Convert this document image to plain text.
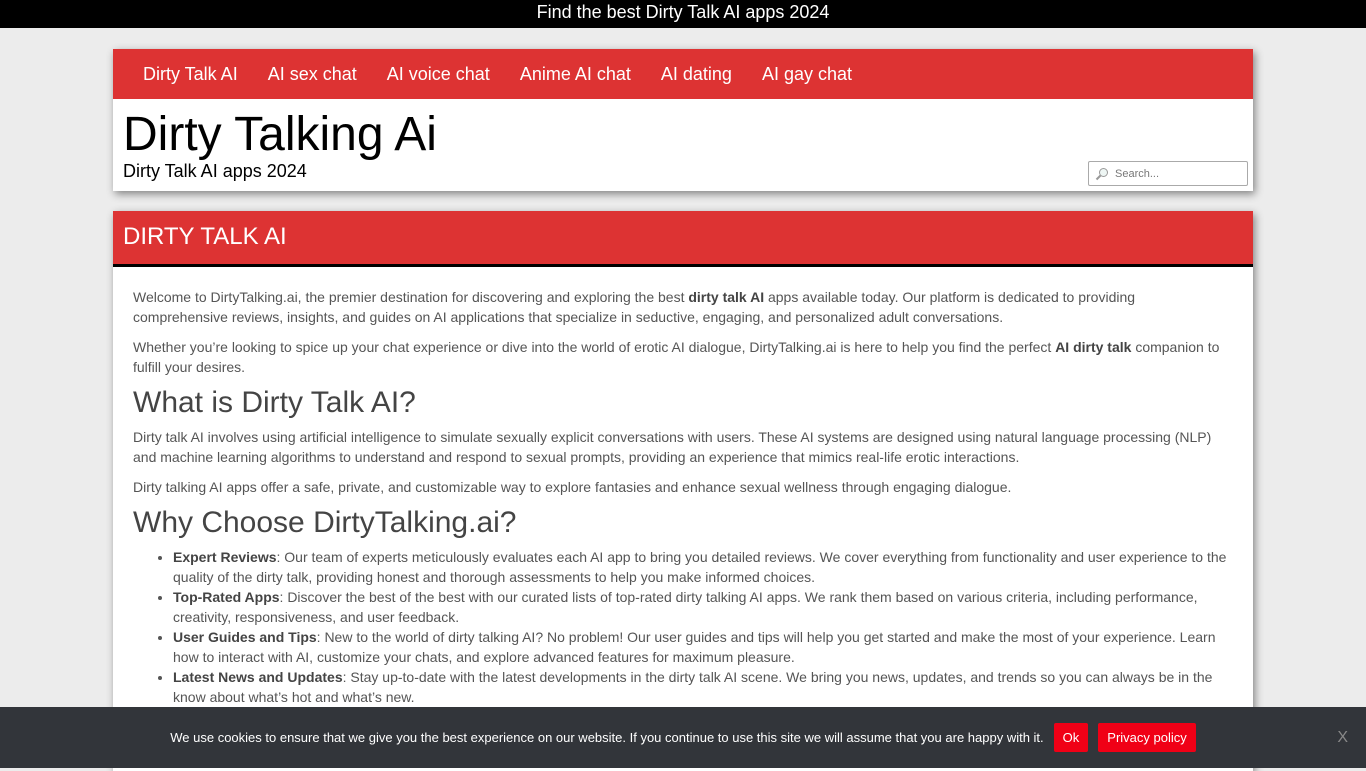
Find the best Dirty Talk AI apps 2024
Dirty Talk AI AI sex chat AI voice chat Anime AI chat AI dating AI gay chat
Dirty Talking Ai
Dirty Talk AI apps 2024	Search...
DIRTY TALK AI

Welcome to DirtyTalking.ai, the premier destination for discovering and exploring the best dirty talk AI apps available today. Our platform is dedicated to providing comprehensive reviews, insights, and guides on AI applications that specialize in seductive, engaging, and personalized adult conversations.

Whether you’re looking to spice up your chat experience or dive into the world of erotic AI dialogue, DirtyTalking.ai is here to help you find the perfect AI dirty talk companion to fulfill your desires.

What is Dirty Talk AI?

Dirty talk AI involves using artificial intelligence to simulate sexually explicit conversations with users. These AI systems are designed using natural language processing (NLP) and machine learning algorithms to understand and respond to sexual prompts, providing an experience that mimics real-life erotic interactions.

Dirty talking AI apps offer a safe, private, and customizable way to explore fantasies and enhance sexual wellness through engaging dialogue.

Why Choose DirtyTalking.ai?
• Expert Reviews: Our team of experts meticulously evaluates each AI app to bring you detailed reviews. We cover everything from functionality and user experience to the quality of the dirty talk, providing honest and thorough assessments to help you make informed choices.
• Top-Rated Apps: Discover the best of the best with our curated lists of top-rated dirty talking AI apps. We rank them based on various criteria, including performance, creativity, responsiveness, and user feedback.
• User Guides and Tips: New to the world of dirty talking AI? No problem! Our user guides and tips will help you get started and make the most of your experience. Learn how to interact with AI, customize your chats, and explore advanced features for maximum pleasure.
• Latest News and Updates: Stay up-to-date with the latest developments in the dirty talk AI scene. We bring you news, updates, and trends so you can always be in the know about what’s hot and what’s new.
We use cookies to ensure that we give you the best experience on our website. If you continue to use this site we will assume that you are happy with it.	Ok	Privacy policy	X
